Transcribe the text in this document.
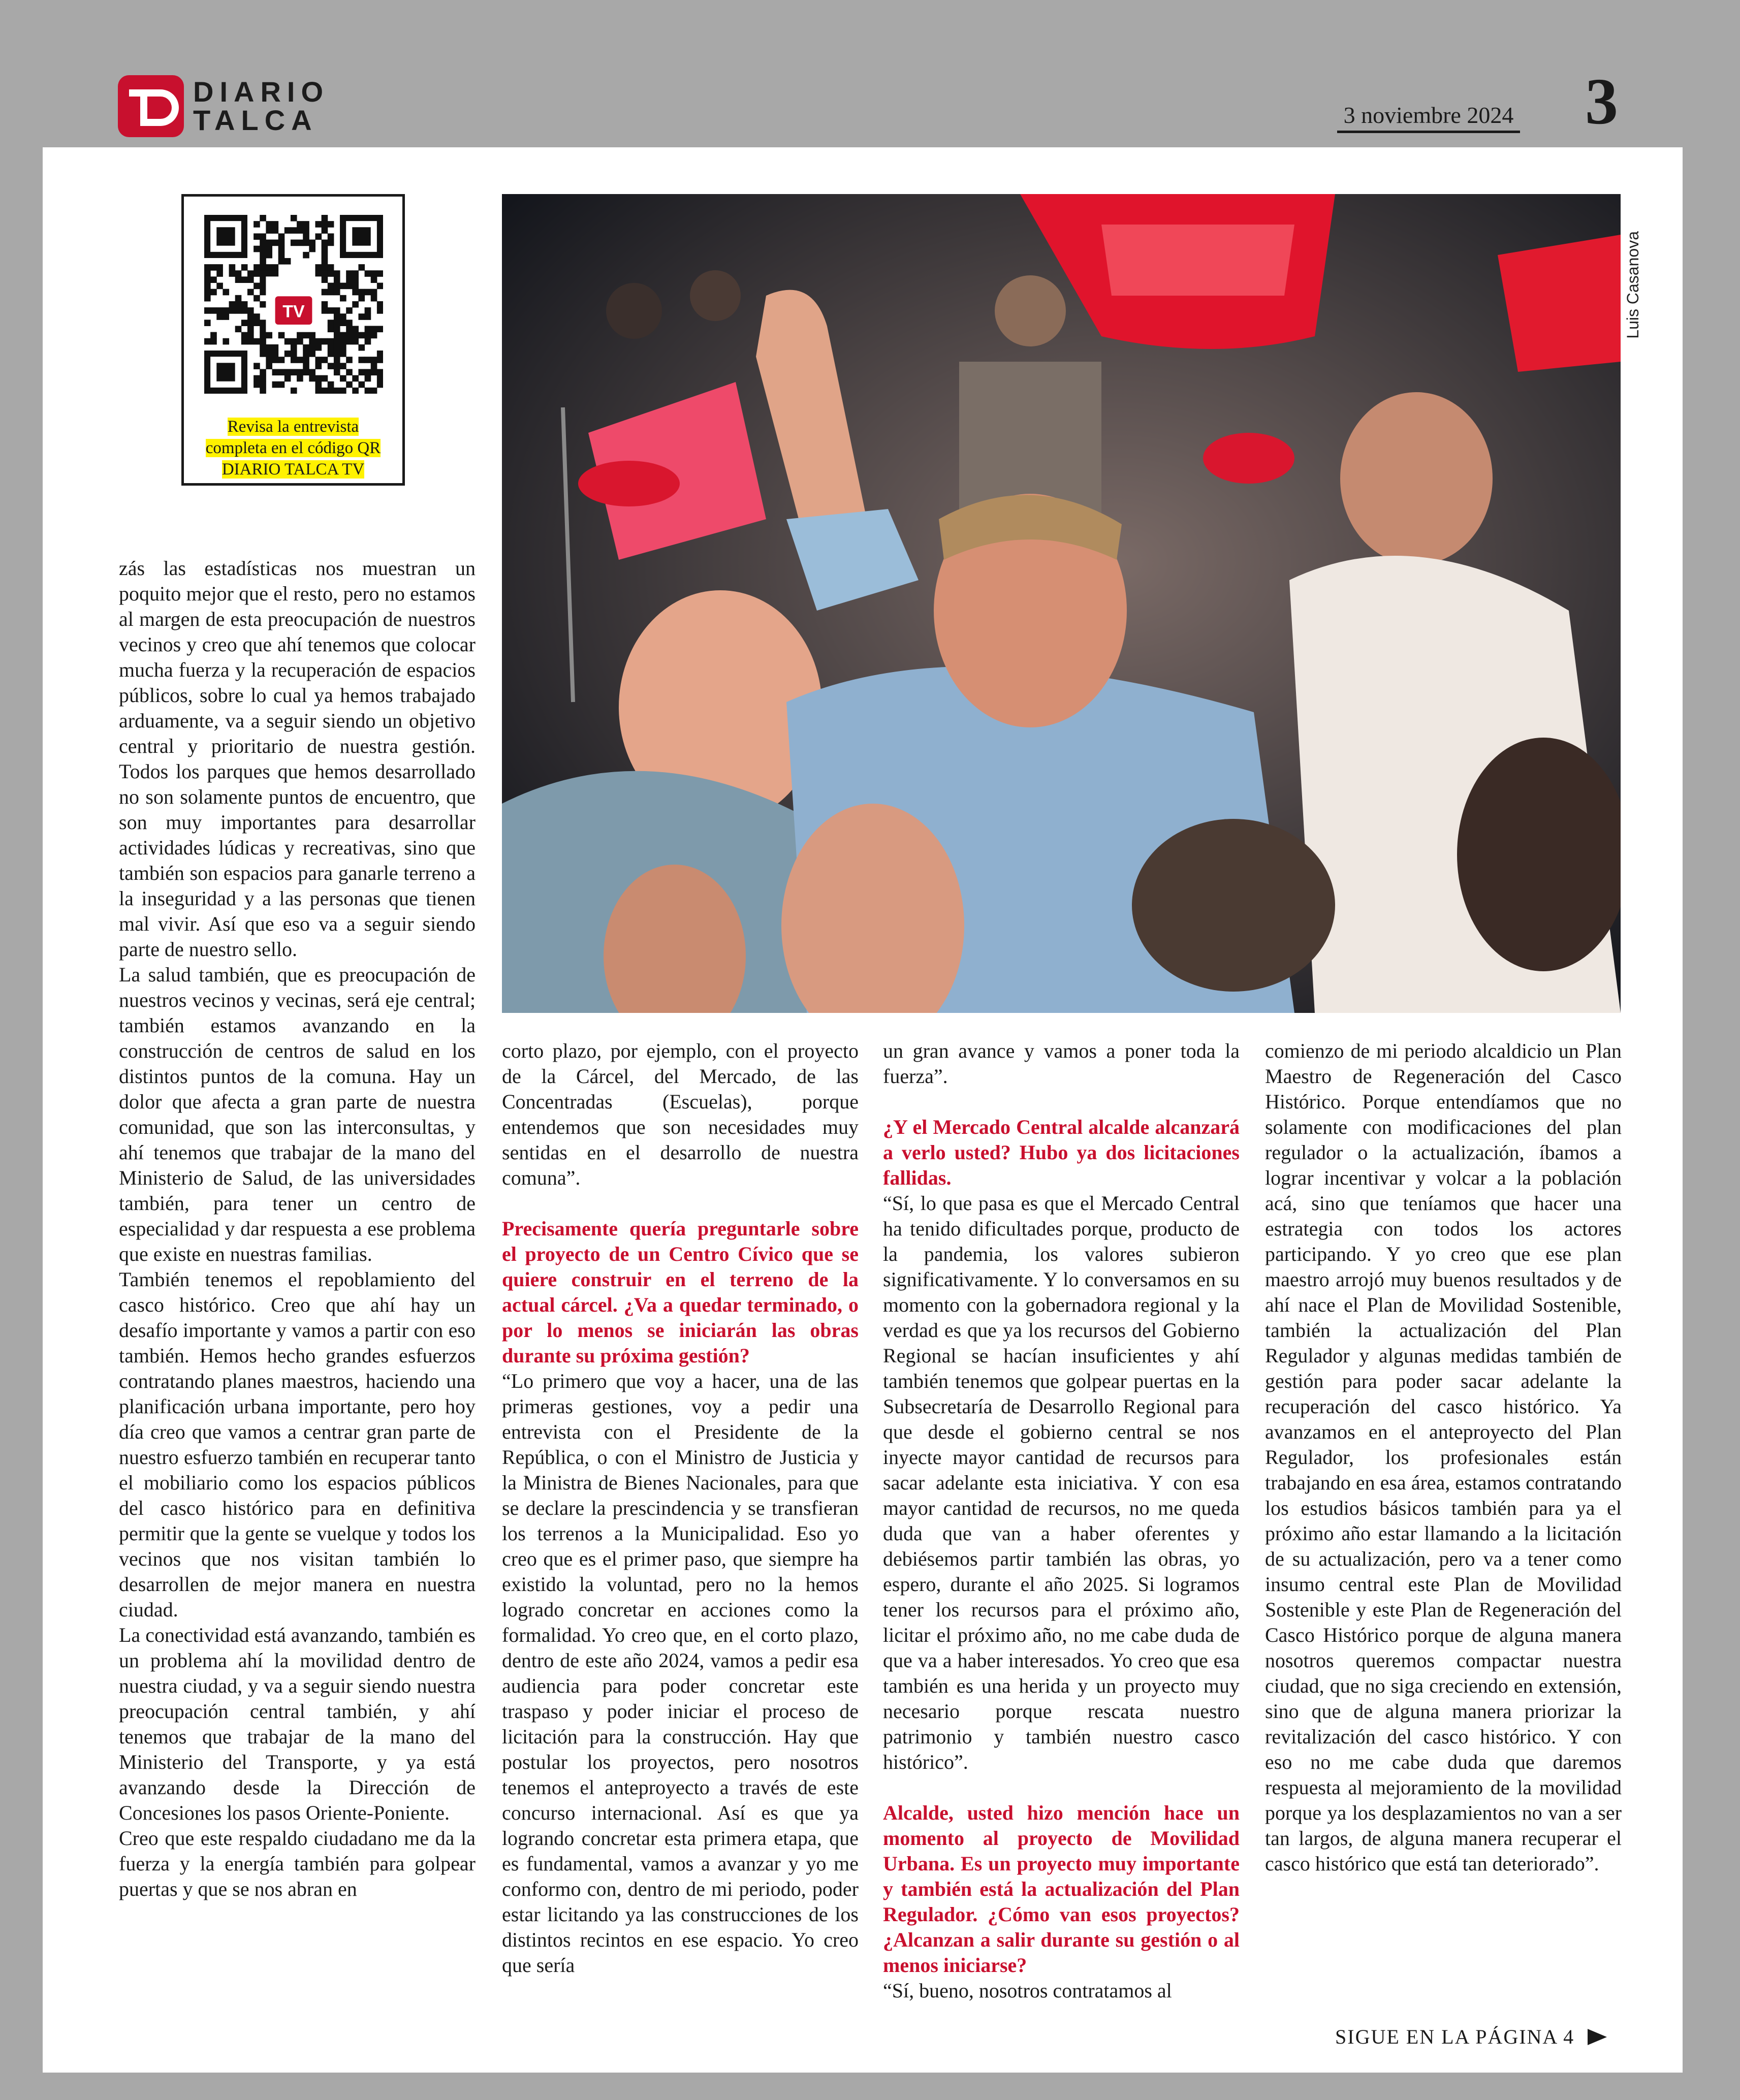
DIARIO
TALCA	3 noviembre 2024 3
TV
Revisa la entrevista
completa en el código QR
DIARIO TALCA TV
Luis Casanova

zás las estadísticas nos muestran un poquito mejor que el resto, pero no estamos al margen de esta preocupación de nuestros vecinos y creo que ahí tenemos que colocar mucha fuerza y la recuperación de espacios públicos, sobre lo cual ya hemos trabajado arduamente, va a seguir siendo un objetivo central y prioritario de nuestra gestión. Todos los parques que hemos desarrollado no son solamente puntos de encuentro, que son muy importantes para desarrollar actividades lúdicas y recreativas, sino que también son espacios para ganarle terreno a la inseguridad y a las personas que tienen mal vivir. Así que eso va a seguir siendo parte de nuestro sello.

La salud también, que es preocupación de nuestros vecinos y vecinas, será eje central; también estamos avanzando en la construcción de centros de salud en los distintos puntos de la comuna. Hay un dolor que afecta a gran parte de nuestra comunidad, que son las interconsultas, y ahí tenemos que trabajar de la mano del Ministerio de Salud, de las universidades también, para tener un centro de especialidad y dar respuesta a ese problema que existe en nuestras familias.

También tenemos el repoblamiento del casco histórico. Creo que ahí hay un desafío importante y vamos a partir con eso también. Hemos hecho grandes esfuerzos contratando planes maestros, haciendo una planificación urbana importante, pero hoy día creo que vamos a centrar gran parte de nuestro esfuerzo también en recuperar tanto el mobiliario como los espacios públicos del casco histórico para en definitiva permitir que la gente se vuelque y todos los vecinos que nos visitan también lo desarrollen de mejor manera en nuestra ciudad.

La conectividad está avanzando, también es un problema ahí la movilidad dentro de nuestra ciudad, y va a seguir siendo nuestra preocupación central también, y ahí tenemos que trabajar de la mano del Ministerio del Transporte, y ya está avanzando desde la Dirección de Concesiones los pasos Oriente-Poniente.

Creo que este respaldo ciudadano me da la fuerza y la energía también para golpear puertas y que se nos abran en

corto plazo, por ejemplo, con el proyecto de la Cárcel, del Mercado, de las Concentradas (Escuelas), porque entendemos que son necesidades muy sentidas en el desarrollo de nuestra comuna”.

Precisamente quería preguntarle sobre el proyecto de un Centro Cívico que se quiere construir en el terreno de la actual cárcel. ¿Va a quedar terminado, o por lo menos se iniciarán las obras durante su próxima gestión?

“Lo primero que voy a hacer, una de las primeras gestiones, voy a pedir una entrevista con el Presidente de la República, o con el Ministro de Justicia y la Ministra de Bienes Nacionales, para que se declare la prescindencia y se transfieran los terrenos a la Municipalidad. Eso yo creo que es el primer paso, que siempre ha existido la voluntad, pero no la hemos logrado concretar en acciones como la formalidad. Yo creo que, en el corto plazo, dentro de este año 2024, vamos a pedir esa audiencia para poder concretar este traspaso y poder iniciar el proceso de licitación para la construcción. Hay que postular los proyectos, pero nosotros tenemos el anteproyecto a través de este concurso internacional. Así es que ya logrando concretar esta primera etapa, que es fundamental, vamos a avanzar y yo me conformo con, dentro de mi periodo, poder estar licitando ya las construcciones de los distintos recintos en ese espacio. Yo creo que sería

un gran avance y vamos a poner toda la fuerza”.

¿Y el Mercado Central alcalde alcanzará a verlo usted? Hubo ya dos licitaciones fallidas.

“Sí, lo que pasa es que el Mercado Central ha tenido dificultades porque, producto de la pandemia, los valores subieron significativamente. Y lo conversamos en su momento con la gobernadora regional y la verdad es que ya los recursos del Gobierno Regional se hacían insuficientes y ahí también tenemos que golpear puertas en la Subsecretaría de Desarrollo Regional para que desde el gobierno central se nos inyecte mayor cantidad de recursos para sacar adelante esta iniciativa. Y con esa mayor cantidad de recursos, no me queda duda que van a haber oferentes y debiésemos partir también las obras, yo espero, durante el año 2025. Si logramos tener los recursos para el próximo año, licitar el próximo año, no me cabe duda de que va a haber interesados. Yo creo que esa también es una herida y un proyecto muy necesario porque rescata nuestro patrimonio y también nuestro casco histórico”.

Alcalde, usted hizo mención hace un momento al proyecto de Movilidad Urbana. Es un proyecto muy importante y también está la actualización del Plan Regulador. ¿Cómo van esos proyectos? ¿Alcanzan a salir durante su gestión o al menos iniciarse?

“Sí, bueno, nosotros contratamos al

comienzo de mi periodo alcaldicio un Plan Maestro de Regeneración del Casco Histórico. Porque entendíamos que no solamente con modificaciones del plan regulador o la actualización, íbamos a lograr incentivar y volcar a la población acá, sino que teníamos que hacer una estrategia con todos los actores participando. Y yo creo que ese plan maestro arrojó muy buenos resultados y de ahí nace el Plan de Movilidad Sostenible, también la actualización del Plan Regulador y algunas medidas también de gestión para poder sacar adelante la recuperación del casco histórico. Ya avanzamos en el anteproyecto del Plan Regulador, los profesionales están trabajando en esa área, estamos contratando los estudios básicos también para ya el próximo año estar llamando a la licitación de su actualización, pero va a tener como insumo central este Plan de Movilidad Sostenible y este Plan de Regeneración del Casco Histórico porque de alguna manera nosotros queremos compactar nuestra ciudad, que no siga creciendo en extensión, sino que de alguna manera priorizar la revitalización del casco histórico. Y con eso no me cabe duda que daremos respuesta al mejoramiento de la movilidad porque ya los desplazamientos no van a ser tan largos, de alguna manera recuperar el casco histórico que está tan deteriorado”.

SIGUE EN LA PÁGINA 4
